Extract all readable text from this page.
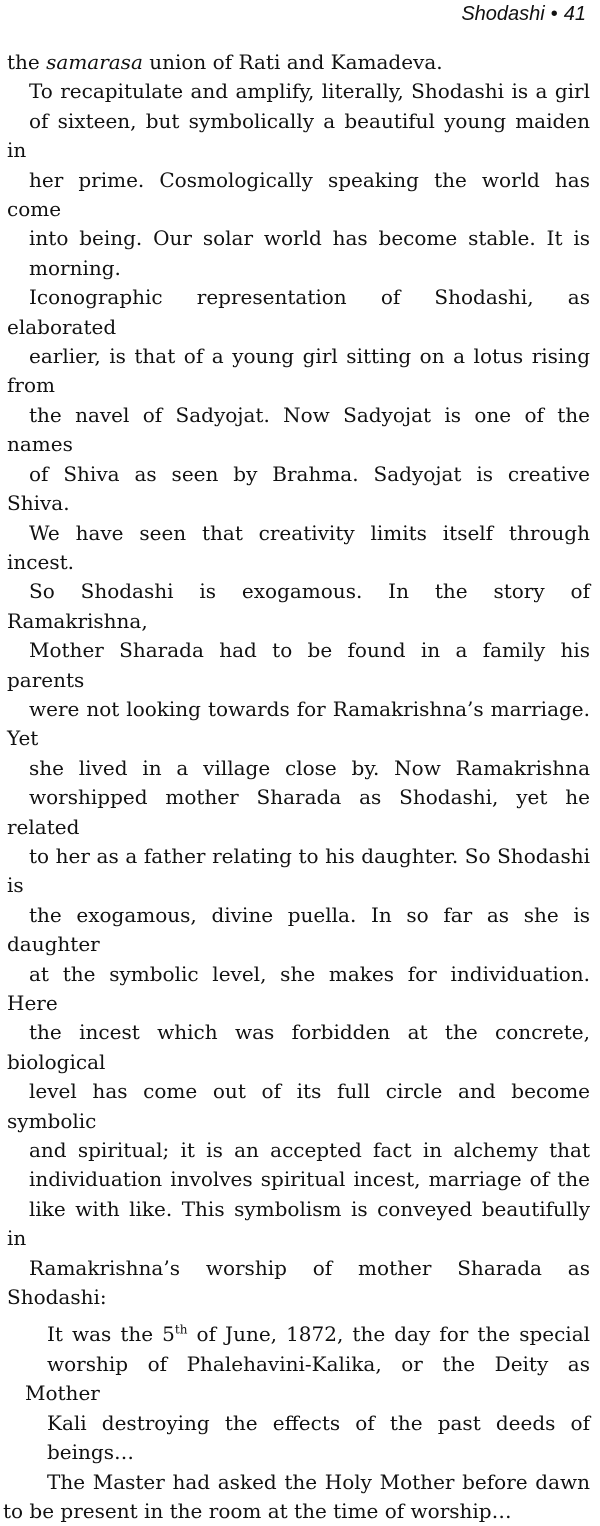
Shodashi • 41

the samarasa union of Rati and Kamadeva.

To recapitulate and amplify, literally, Shodashi is a girl
of sixteen, but symbolically a beautiful young maiden in
her prime. Cosmologically speaking the world has come
into being. Our solar world has become stable. It is
morning.

Iconographic representation of Shodashi, as elaborated
earlier, is that of a young girl sitting on a lotus rising from
the navel of Sadyojat. Now Sadyojat is one of the names
of Shiva as seen by Brahma. Sadyojat is creative Shiva.
We have seen that creativity limits itself through incest.
So Shodashi is exogamous. In the story of Ramakrishna,
Mother Sharada had to be found in a family his parents
were not looking towards for Ramakrishna’s marriage. Yet
she lived in a village close by. Now Ramakrishna
worshipped mother Sharada as Shodashi, yet he related
to her as a father relating to his daughter. So Shodashi is
the exogamous, divine puella. In so far as she is daughter
at the symbolic level, she makes for individuation. Here
the incest which was forbidden at the concrete, biological
level has come out of its full circle and become symbolic
and spiritual; it is an accepted fact in alchemy that
individuation involves spiritual incest, marriage of the
like with like. This symbolism is conveyed beautifully in
Ramakrishna’s worship of mother Sharada as Shodashi:

It was the 5th of June, 1872, the day for the special
worship of Phalehavini-Kalika, or the Deity as Mother
Kali destroying the effects of the past deeds of
beings…

The Master had asked the Holy Mother before dawn
to be present in the room at the time of worship…
